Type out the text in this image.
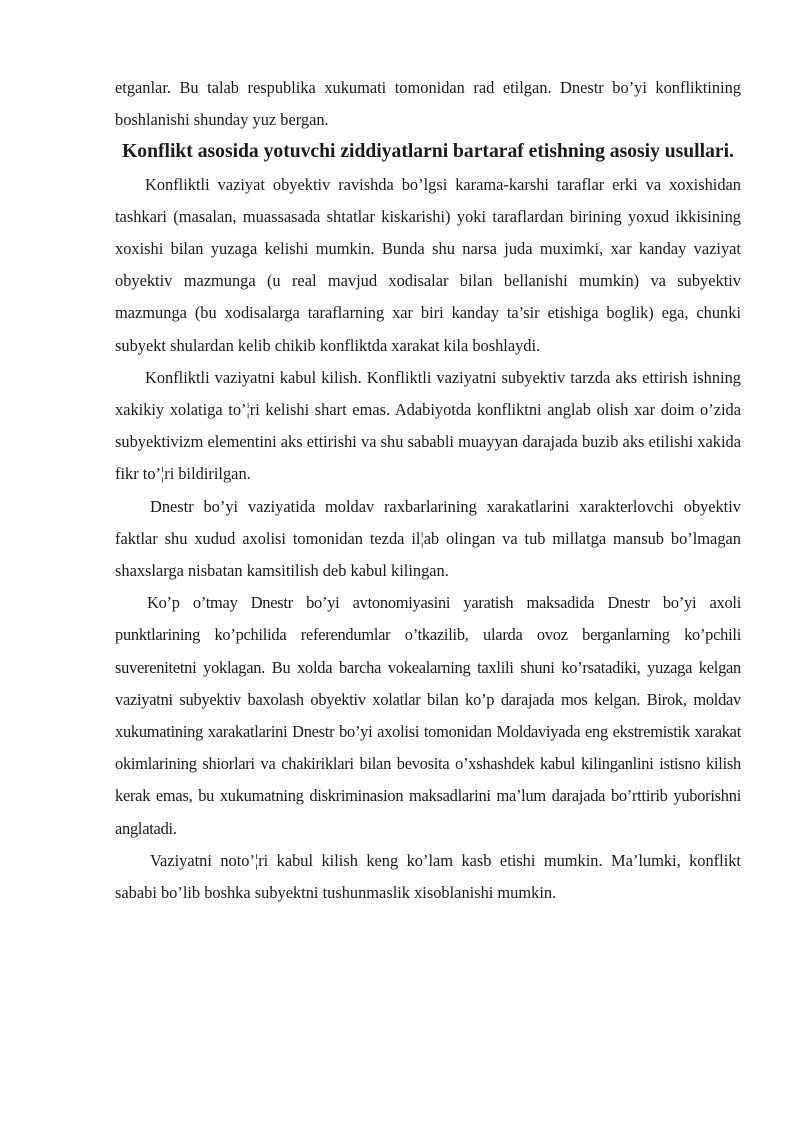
etganlar. Bu talab respublika xukumati tomonidan rad etilgan. Dnestr bo’yi konfliktining boshlanishi shunday yuz bergan.

Konflikt asosida yotuvchi ziddiyatlarni bartaraf etishning asosiy usullari.

Konfliktli vaziyat obyektiv ravishda bo’lgsi karama-karshi taraflar erki va xoxishidan tashkari (masalan, muassasada shtatlar kiskarishi) yoki taraflardan birining yoxud ikkisining xoxishi bilan yuzaga kelishi mumkin. Bunda shu narsa juda muximki, xar kanday vaziyat obyektiv mazmunga (u real mavjud xodisalar bilan bellanishi mumkin) va subyektiv mazmunga (bu xodisalarga taraflarning xar biri kanday ta’sir etishiga boglik) ega, chunki subyekt shulardan kelib chikib konfliktda xarakat kila boshlaydi.

Konfliktli vaziyatni kabul kilish. Konfliktli vaziyatni subyektiv tarzda aks ettirish ishning xakikiy xolatiga to’¦ri kelishi shart emas. Adabiyotda konfliktni anglab olish xar doim o’zida subyektivizm elementini aks ettirishi va shu sababli muayyan darajada buzib aks etilishi xakida fikr to’¦ri bildirilgan.

Dnestr bo’yi vaziyatida moldav raxbarlarining xarakatlarini xarakterlovchi obyektiv faktlar shu xudud axolisi tomonidan tezda il¦ab olingan va tub millatga mansub bo’lmagan shaxslarga nisbatan kamsitilish deb kabul kilingan.

Ko’p o’tmay Dnestr bo’yi avtonomiyasini yaratish maksadida Dnestr bo’yi axoli punktlarining ko’pchilida referendumlar o’tkazilib, ularda ovoz berganlarning ko’pchili suverenitetni yoklagan. Bu xolda barcha vokealarning taxlili shuni ko’rsatadiki, yuzaga kelgan vaziyatni subyektiv baxolash obyektiv xolatlar bilan ko’p darajada mos kelgan. Birok, moldav xukumatining xarakatlarini Dnestr bo’yi axolisi tomonidan Moldaviyada eng ekstremistik xarakat okimlarining shiorlari va chakiriklari bilan bevosita o’xshashdek kabul kilinganlini istisno kilish kerak emas, bu xukumatning diskriminasion maksadlarini ma’lum darajada bo’rttirib yuborishni anglatadi.

Vaziyatni noto’¦ri kabul kilish keng ko’lam kasb etishi mumkin. Ma’lumki, konflikt sababi bo’lib boshka subyektni tushunmaslik xisoblanishi mumkin.
